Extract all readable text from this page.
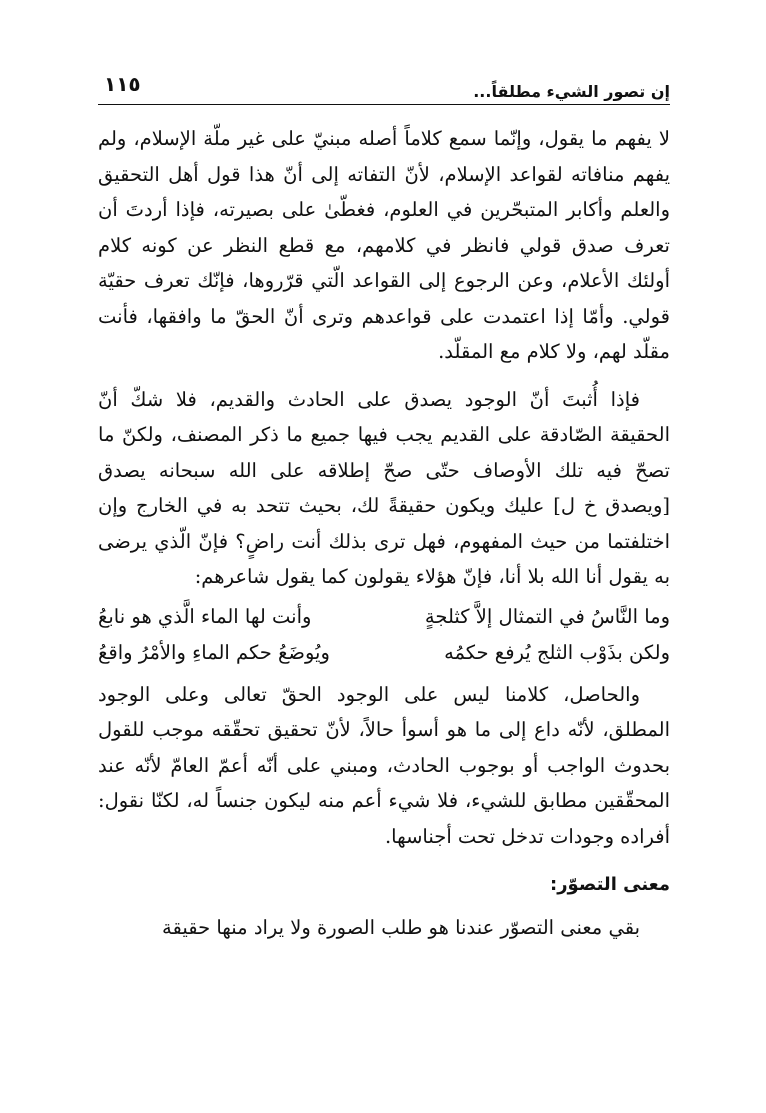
إن تصور الشيء مطلقاً...
١١٥

لا يفهم ما يقول، وإنّما سمع كلاماً أصله مبنيّ على غير ملّة الإسلام، ولم يفهم منافاته لقواعد الإسلام، لأنّ التفاته إلى أنّ هذا قول أهل التحقيق والعلم وأكابر المتبحّرين في العلوم، فغطّىٰ على بصيرته، فإذا أردتَ أن تعرف صدق قولي فانظر في كلامهم، مع قطع النظر عن كونه كلام أولئك الأعلام، وعن الرجوع إلى القواعد الّتي قرّروها، فإنّك تعرف حقيّة قولي. وأمّا إذا اعتمدت على قواعدهم وترى أنّ الحقّ ما وافقها، فأنت مقلّد لهم، ولا كلام مع المقلّد.

فإذا أُثبتَ أنّ الوجود يصدق على الحادث والقديم، فلا شكّ أنّ الحقيقة الصّادقة على القديم يجب فيها جميع ما ذكر المصنف، ولكنّ ما تصحّ فيه تلك الأوصاف حتّى صحّ إطلاقه على الله سبحانه يصدق [ويصدق خ ل] عليك ويكون حقيقةً لك، بحيث تتحد به في الخارج وإن اختلفتما من حيث المفهوم، فهل ترى بذلك أنت راضٍ؟ فإنّ الّذي يرضى به يقول أنا الله بلا أنا، فإنّ هؤلاء يقولون كما يقول شاعرهم:

وما النَّاسُ في التمثال إلاَّ كثلجةٍ
وأنت لها الماء الَّذي هو نابعُ
ولكن بذَوْب الثلج يُرفع حكمُه
ويُوضَعُ حكم الماءِ والأمْرُ واقعُ

والحاصل، كلامنا ليس على الوجود الحقّ تعالى وعلى الوجود المطلق، لأنّه داع إلى ما هو أسوأ حالاً، لأنّ تحقيق تحقّقه موجب للقول بحدوث الواجب أو بوجوب الحادث، ومبني على أنّه أعمّ العامّ لأنّه عند المحقّقين مطابق للشيء، فلا شيء أعم منه ليكون جنساً له، لكنّا نقول: أفراده وجودات تدخل تحت أجناسها.

معنى التصوّر:

بقي معنى التصوّر عندنا هو طلب الصورة ولا يراد منها حقيقة
